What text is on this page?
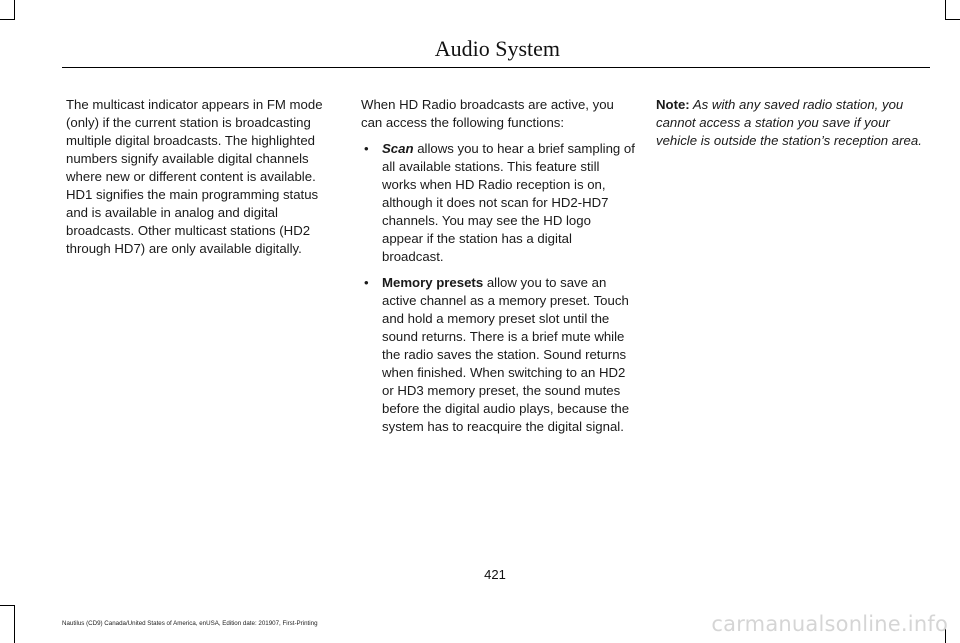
Audio System

The multicast indicator appears in FM mode (only) if the current station is broadcasting multiple digital broadcasts. The highlighted numbers signify available digital channels where new or different content is available. HD1 signifies the main programming status and is available in analog and digital broadcasts. Other multicast stations (HD2 through HD7) are only available digitally.

When HD Radio broadcasts are active, you can access the following functions:

• Scan allows you to hear a brief sampling of all available stations. This feature still works when HD Radio reception is on, although it does not scan for HD2-HD7 channels. You may see the HD logo appear if the station has a digital broadcast.
• Memory presets allow you to save an active channel as a memory preset. Touch and hold a memory preset slot until the sound returns. There is a brief mute while the radio saves the station. Sound returns when finished. When switching to an HD2 or HD3 memory preset, the sound mutes before the digital audio plays, because the system has to reacquire the digital signal.

Note: As with any saved radio station, you cannot access a station you save if your vehicle is outside the station’s reception area.

421
Nautilus (CD9) Canada/United States of America, enUSA, Edition date: 201907, First-Printing	carmanualsonline.info
